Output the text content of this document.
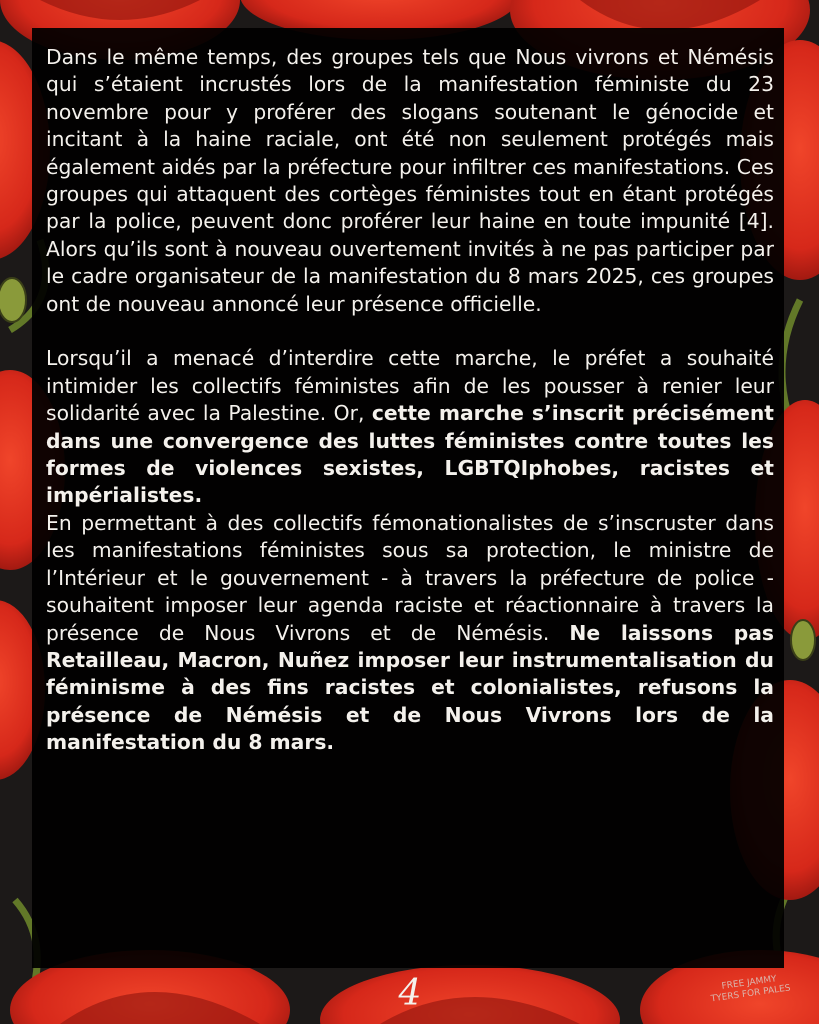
Dans le même temps, des groupes tels que Nous vivrons et Némésis qui s’étaient incrustés lors de la manifestation féministe du 23 novembre pour y proférer des slogans soutenant le génocide et incitant à la haine raciale, ont été non seulement protégés mais également aidés par la préfecture pour infiltrer ces manifestations. Ces groupes qui attaquent des cortèges féministes tout en étant protégés par la police, peuvent donc proférer leur haine en toute impunité [4]. Alors qu’ils sont à nouveau ouvertement invités à ne pas participer par le cadre organisateur de la manifestation du 8 mars 2025, ces groupes ont de nouveau annoncé leur présence officielle.

Lorsqu’il a menacé d’interdire cette marche, le préfet a souhaité intimider les collectifs féministes afin de les pousser à renier leur solidarité avec la Palestine. Or, cette marche s’inscrit précisément dans une convergence des luttes féministes contre toutes les formes de violences sexistes, LGBTQIphobes, racistes et impérialistes.

En permettant à des collectifs fémonationalistes de s’inscruster dans les manifestations féministes sous sa protection, le ministre de l’Intérieur et le gouvernement - à travers la préfecture de police - souhaitent imposer leur agenda raciste et réactionnaire à travers la présence de Nous Vivrons et de Némésis. Ne laissons pas Retailleau, Macron, Nuñez imposer leur instrumentalisation du féminisme à des fins racistes et colonialistes, refusons la présence de Némésis et de Nous Vivrons lors de la manifestation du 8 mars.

4	FREE JAMMY
TYERS FOR PALES
